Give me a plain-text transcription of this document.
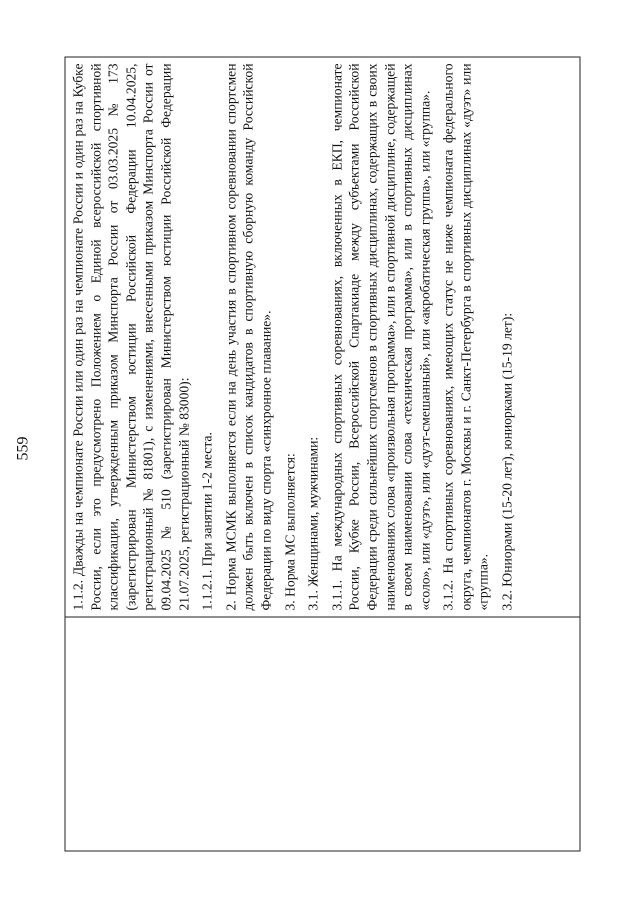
559	1.1.2. Дважды на чемпионате России или один раз на чемпионате России и один раз на Кубке России, если это предусмотрено Положением о Единой всероссийской спортивной классификации, утвержденным приказом Минспорта России от 03.03.2025 № 173 (зарегистрирован Министерством юстиции Российской Федерации 10.04.2025, регистрационный № 81801), с изменениями, внесенными приказом Минспорта России от 09.04.2025 № 510 (зарегистрирован Министерством юстиции Российской Федерации 21.07.2025, регистрационный № 83000): 1.1.2.1. При занятии 1-2 места. 2. Норма МСМК выполняется если на день участия в спортивном соревновании спортсмен должен быть включен в список кандидатов в спортивную сборную команду Российской Федерации по виду спорта «синхронное плавание». 3. Норма МС выполняется: 3.1. Женщинами, мужчинами: 3.1.1. На международных спортивных соревнованиях, включенных в ЕКП, чемпионате России, Кубке России, Всероссийской Спартакиаде между субъектами Российской Федерации среди сильнейших спортсменов в спортивных дисциплинах, содержащих в своих наименованиях слова «произвольная программа», или в спортивной дисциплине, содержащей в своем наименовании слова «техническая программа», или в спортивных дисциплинах «соло», или «дуэт», или «дуэт-смешанный», или «акробатическая группа», или «группа». 3.1.2. На спортивных соревнованиях, имеющих статус не ниже чемпионата федерального округа, чемпионатов г. Москвы и г. Санкт-Петербурга в спортивных дисциплинах «дуэт» или «группа». 3.2. Юниорами (15-20 лет), юниорками (15-19 лет):
